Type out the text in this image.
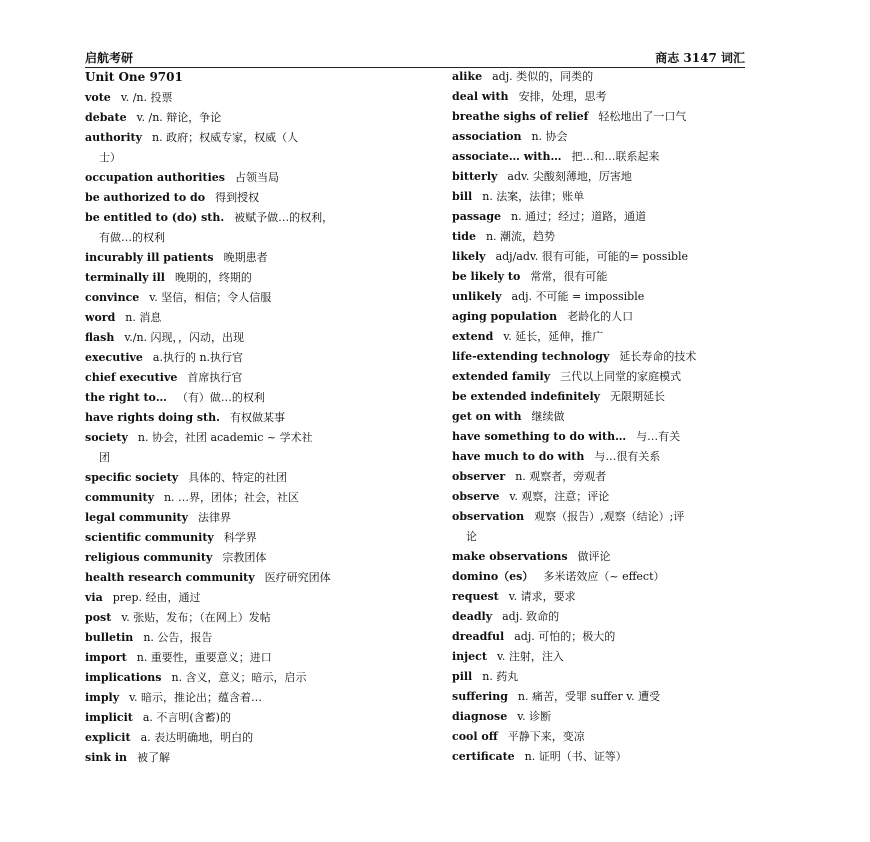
启航考研	商志 3147 词汇
Unit One 9701
vote v. /n. 投票
debate v. /n. 辩论，争论
authority n. 政府；权威专家，权威（人
士）
occupation authorities 占领当局
be authorized to do 得到授权
be entitled to (do) sth. 被赋予做…的权利，
有做…的权利
incurably ill patients 晚期患者
terminally ill 晚期的，终期的
convince v. 坚信，相信；令人信服
word n. 消息
flash v./n. 闪现，，闪动，出现
executive a.执行的 n.执行官
chief executive 首席执行官
the right to… （有）做…的权利
have rights doing sth. 有权做某事
society n. 协会，社团 academic ~ 学术社
团
specific society 具体的、特定的社团
community n. …界，团体；社会，社区
legal community 法律界
scientific community 科学界
religious community 宗教团体
health research community 医疗研究团体
via prep. 经由，通过
post v. 张贴，发布；（在网上）发帖
bulletin n. 公告，报告
import n. 重要性，重要意义；进口
implications n. 含义，意义；暗示，启示
imply v. 暗示，推论出；蕴含着…
implicit a. 不言明(含蓄)的
explicit a. 表达明确地，明白的
sink in 被了解
alike adj. 类似的，同类的
deal with 安排，处理，思考
breathe sighs of relief 轻松地出了一口气
association n. 协会
associate… with… 把…和…联系起来
bitterly adv. 尖酸刻薄地，厉害地
bill n. 法案，法律；账单
passage n. 通过；经过；道路，通道
tide n. 潮流，趋势
likely adj/adv. 很有可能，可能的= possible
be likely to 常常，很有可能
unlikely adj. 不可能 = impossible
aging population 老龄化的人口
extend v. 延长，延伸，推广
life-extending technology 延长寿命的技术
extended family 三代以上同堂的家庭模式
be extended indefinitely 无限期延长
get on with 继续做
have something to do with… 与…有关
have much to do with 与…很有关系
observer n. 观察者，旁观者
observe v. 观察，注意；评论
observation 观察（报告）,观察（结论）;评
论
make observations 做评论
domino（es） 多米诺效应（~ effect）
request v. 请求，要求
deadly adj. 致命的
dreadful adj. 可怕的；极大的
inject v. 注射，注入
pill n. 药丸
suffering n. 痛苦，受罪 suffer v. 遭受
diagnose v. 诊断
cool off 平静下来，变凉
certificate n. 证明（书、证等）
